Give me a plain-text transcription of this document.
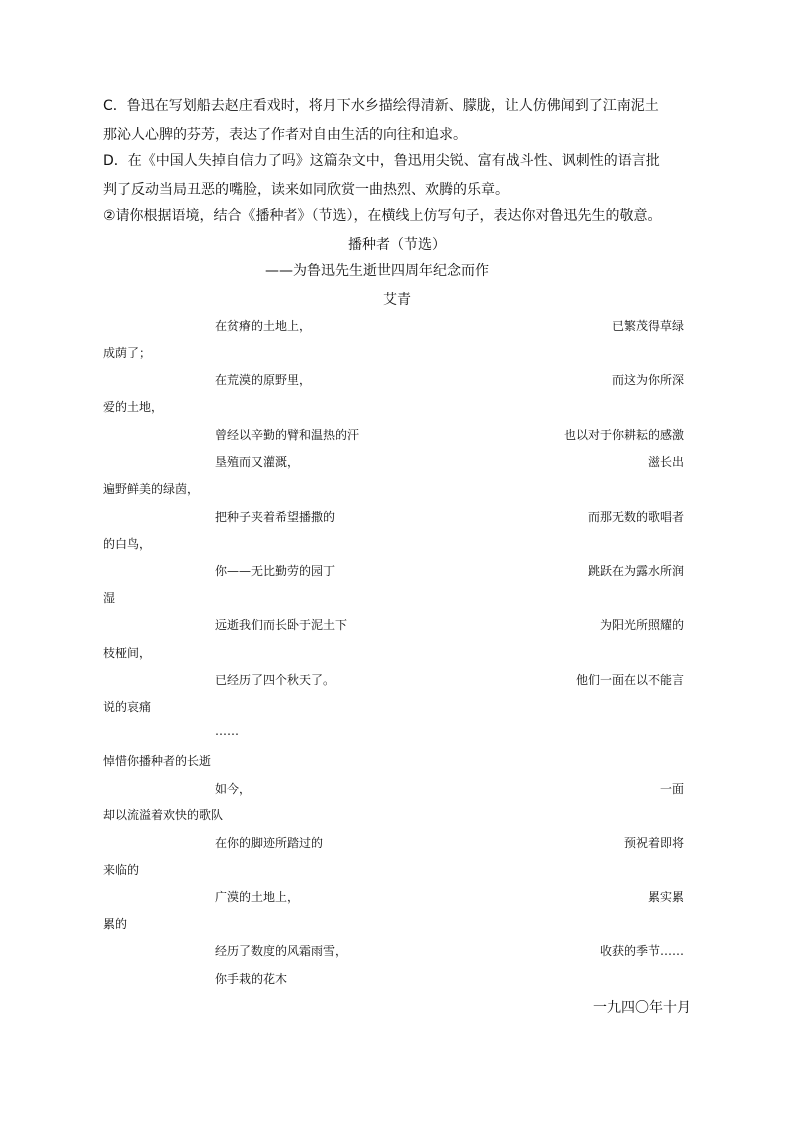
C．鲁迅在写划船去赵庄看戏时，将月下水乡描绘得清新、朦胧，让人仿佛闻到了江南泥土
那沁人心脾的芬芳，表达了作者对自由生活的向往和追求。
D．在《中国人失掉自信力了吗》这篇杂文中，鲁迅用尖锐、富有战斗性、讽刺性的语言批
判了反动当局丑恶的嘴脸，读来如同欣赏一曲热烈、欢腾的乐章。
②请你根据语境，结合《播种者》（节选），在横线上仿写句子，表达你对鲁迅先生的敬意。
播种者（节选）
——为鲁迅先生逝世四周年纪念而作
艾青
在贫瘠的土地上，
在荒漠的原野里，
曾经以辛勤的臂和温热的汗
垦殖而又灌溉，
把种子夹着希望播撒的
你——无比勤劳的园丁
远逝我们而长卧于泥土下
已经历了四个秋天了。
……
如今，
在你的脚迹所踏过的
广漠的土地上，
经历了数度的风霜雨雪，
你手栽的花木
已繁茂得草绿
而这为你所深
也以对于你耕耘的感激
滋长出
而那无数的歌唱者
跳跃在为露水所润
为阳光所照耀的
他们一面在以不能言
一面
预祝着即将
累实累
收获的季节……
成荫了；
爱的土地，
遍野鲜美的绿茵，
的白鸟，
湿
枝桠间，
说的哀痛
悼惜你播种者的长逝
却以流溢着欢快的歌队
来临的
累的
一九四〇年十月
